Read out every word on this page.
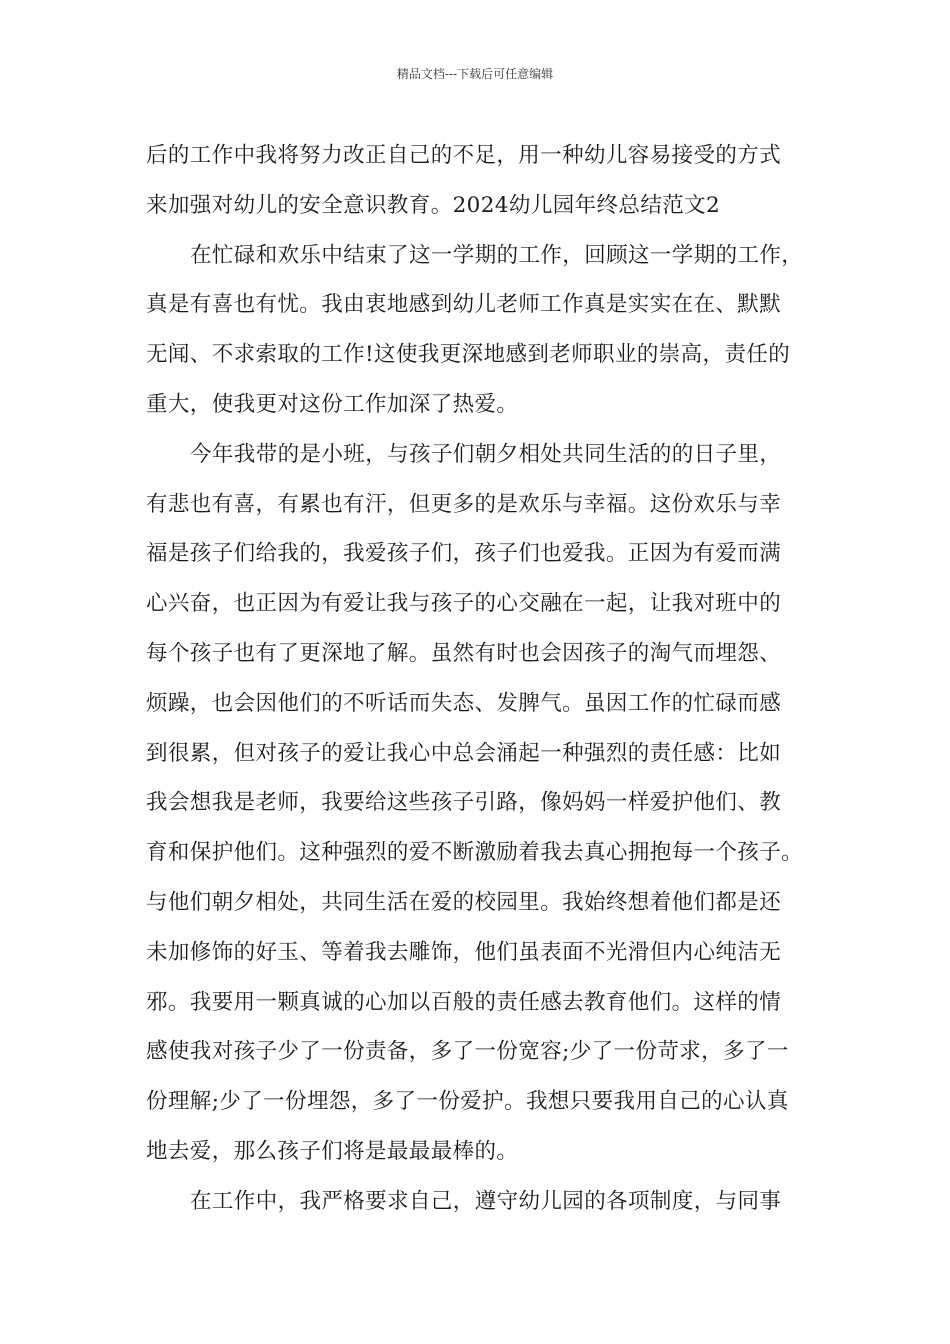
精品文档---下载后可任意编辑
后的工作中我将努力改正自己的不足，用一种幼儿容易接受的方式
来加强对幼儿的安全意识教育。2024幼儿园年终总结范文2
在忙碌和欢乐中结束了这一学期的工作，回顾这一学期的工作，
真是有喜也有忧。我由衷地感到幼儿老师工作真是实实在在、默默
无闻、不求索取的工作!这使我更深地感到老师职业的崇高，责任的
重大，使我更对这份工作加深了热爱。
今年我带的是小班，与孩子们朝夕相处共同生活的的日子里，
有悲也有喜，有累也有汗，但更多的是欢乐与幸福。这份欢乐与幸
福是孩子们给我的，我爱孩子们，孩子们也爱我。正因为有爱而满
心兴奋，也正因为有爱让我与孩子的心交融在一起，让我对班中的
每个孩子也有了更深地了解。虽然有时也会因孩子的淘气而埋怨、
烦躁，也会因他们的不听话而失态、发脾气。虽因工作的忙碌而感
到很累，但对孩子的爱让我心中总会涌起一种强烈的责任感：比如
我会想我是老师，我要给这些孩子引路，像妈妈一样爱护他们、教
育和保护他们。这种强烈的爱不断激励着我去真心拥抱每一个孩子。
与他们朝夕相处，共同生活在爱的校园里。我始终想着他们都是还
未加修饰的好玉、等着我去雕饰，他们虽表面不光滑但内心纯洁无
邪。我要用一颗真诚的心加以百般的责任感去教育他们。这样的情
感使我对孩子少了一份责备，多了一份宽容;少了一份苛求，多了一
份理解;少了一份埋怨，多了一份爱护。我想只要我用自己的心认真
地去爱，那么孩子们将是最最最棒的。
在工作中，我严格要求自己，遵守幼儿园的各项制度，与同事
